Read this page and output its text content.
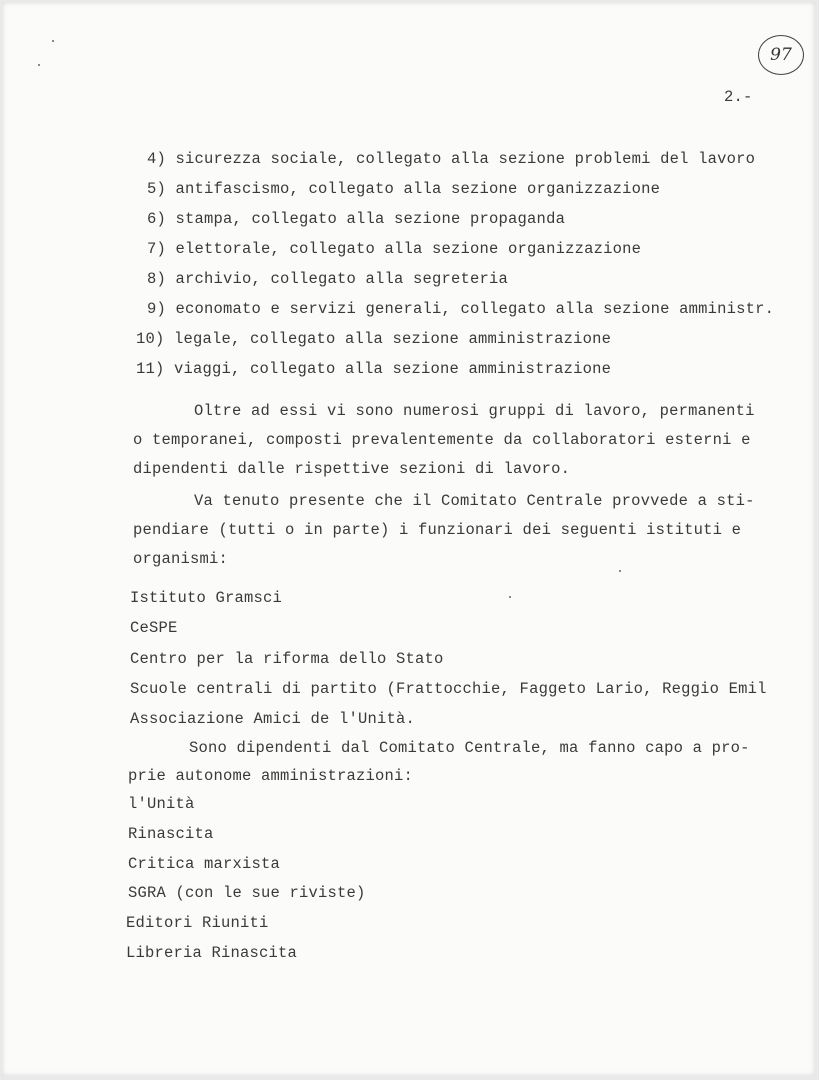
97
2.-
4) sicurezza sociale, collegato alla sezione problemi del lavoro
5) antifascismo, collegato alla sezione organizzazione
6) stampa, collegato alla sezione propaganda
7) elettorale, collegato alla sezione organizzazione
8) archivio, collegato alla segreteria
9) economato e servizi generali, collegato alla sezione amministr.
10) legale, collegato alla sezione amministrazione
11) viaggi, collegato alla sezione amministrazione
Oltre ad essi vi sono numerosi gruppi di lavoro, permanenti
o temporanei, composti prevalentemente da collaboratori esterni e
dipendenti dalle rispettive sezioni di lavoro.
Va tenuto presente che il Comitato Centrale provvede a sti-
pendiare (tutti o in parte) i funzionari dei seguenti istituti e
organismi:
Istituto Gramsci
CeSPE
Centro per la riforma dello Stato
Scuole centrali di partito (Frattocchie, Faggeto Lario, Reggio Emil
Associazione Amici de l'Unità.
Sono dipendenti dal Comitato Centrale, ma fanno capo a pro-
prie autonome amministrazioni:
l'Unità
Rinascita
Critica marxista
SGRA (con le sue riviste)
Editori Riuniti
Libreria Rinascita
